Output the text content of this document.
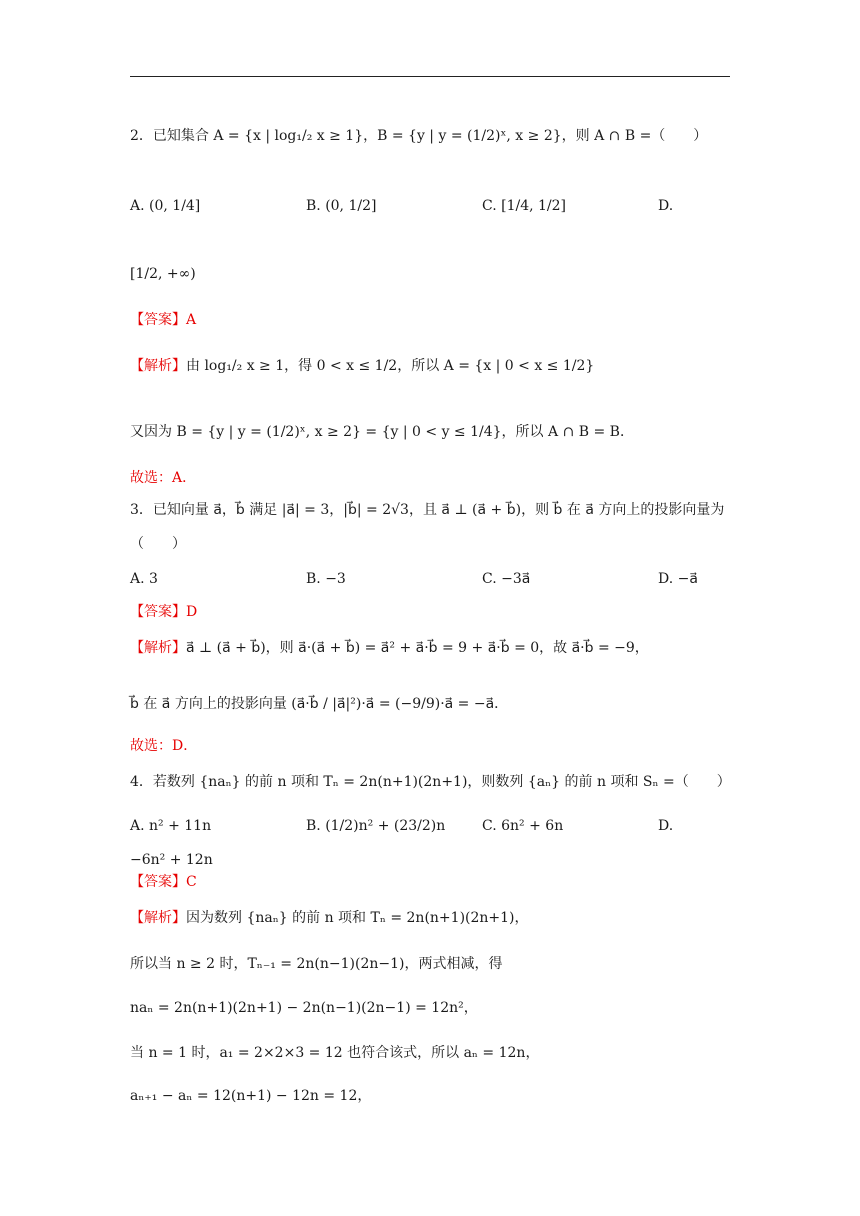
2．已知集合 A = {x | log₁/₂ x ≥ 1}，B = {y | y = (1/2)ˣ, x ≥ 2}，则 A ∩ B =（　　）
A. (0, 1/4]	B. (0, 1/2]	C. [1/4, 1/2]	D.
[1/2, +∞)
【答案】A
【解析】由 log₁/₂ x ≥ 1，得 0 < x ≤ 1/2，所以 A = {x | 0 < x ≤ 1/2}
又因为 B = {y | y = (1/2)ˣ, x ≥ 2} = {y | 0 < y ≤ 1/4}，所以 A ∩ B = B．
故选：A．
3．已知向量 a⃗，b⃗ 满足 |a⃗| = 3，|b⃗| = 2√3，且 a⃗ ⊥ (a⃗ + b⃗)，则 b⃗ 在 a⃗ 方向上的投影向量为
（　　）
A. 3	B. −3	C. −3a⃗	D. −a⃗
【答案】D
【解析】a⃗ ⊥ (a⃗ + b⃗)，则 a⃗·(a⃗ + b⃗) = a⃗² + a⃗·b⃗ = 9 + a⃗·b⃗ = 0，故 a⃗·b⃗ = −9，
b⃗ 在 a⃗ 方向上的投影向量 (a⃗·b⃗ / |a⃗|²)·a⃗ = (−9/9)·a⃗ = −a⃗．
故选：D．
4．若数列 {naₙ} 的前 n 项和 Tₙ = 2n(n+1)(2n+1)，则数列 {aₙ} 的前 n 项和 Sₙ =（　　）
A. n² + 11n	B. (1/2)n² + (23/2)n	C. 6n² + 6n	D.
−6n² + 12n
【答案】C
【解析】因为数列 {naₙ} 的前 n 项和 Tₙ = 2n(n+1)(2n+1)，
所以当 n ≥ 2 时，Tₙ₋₁ = 2n(n−1)(2n−1)，两式相减，得
naₙ = 2n(n+1)(2n+1) − 2n(n−1)(2n−1) = 12n²，
当 n = 1 时，a₁ = 2×2×3 = 12 也符合该式，所以 aₙ = 12n，
aₙ₊₁ − aₙ = 12(n+1) − 12n = 12，
